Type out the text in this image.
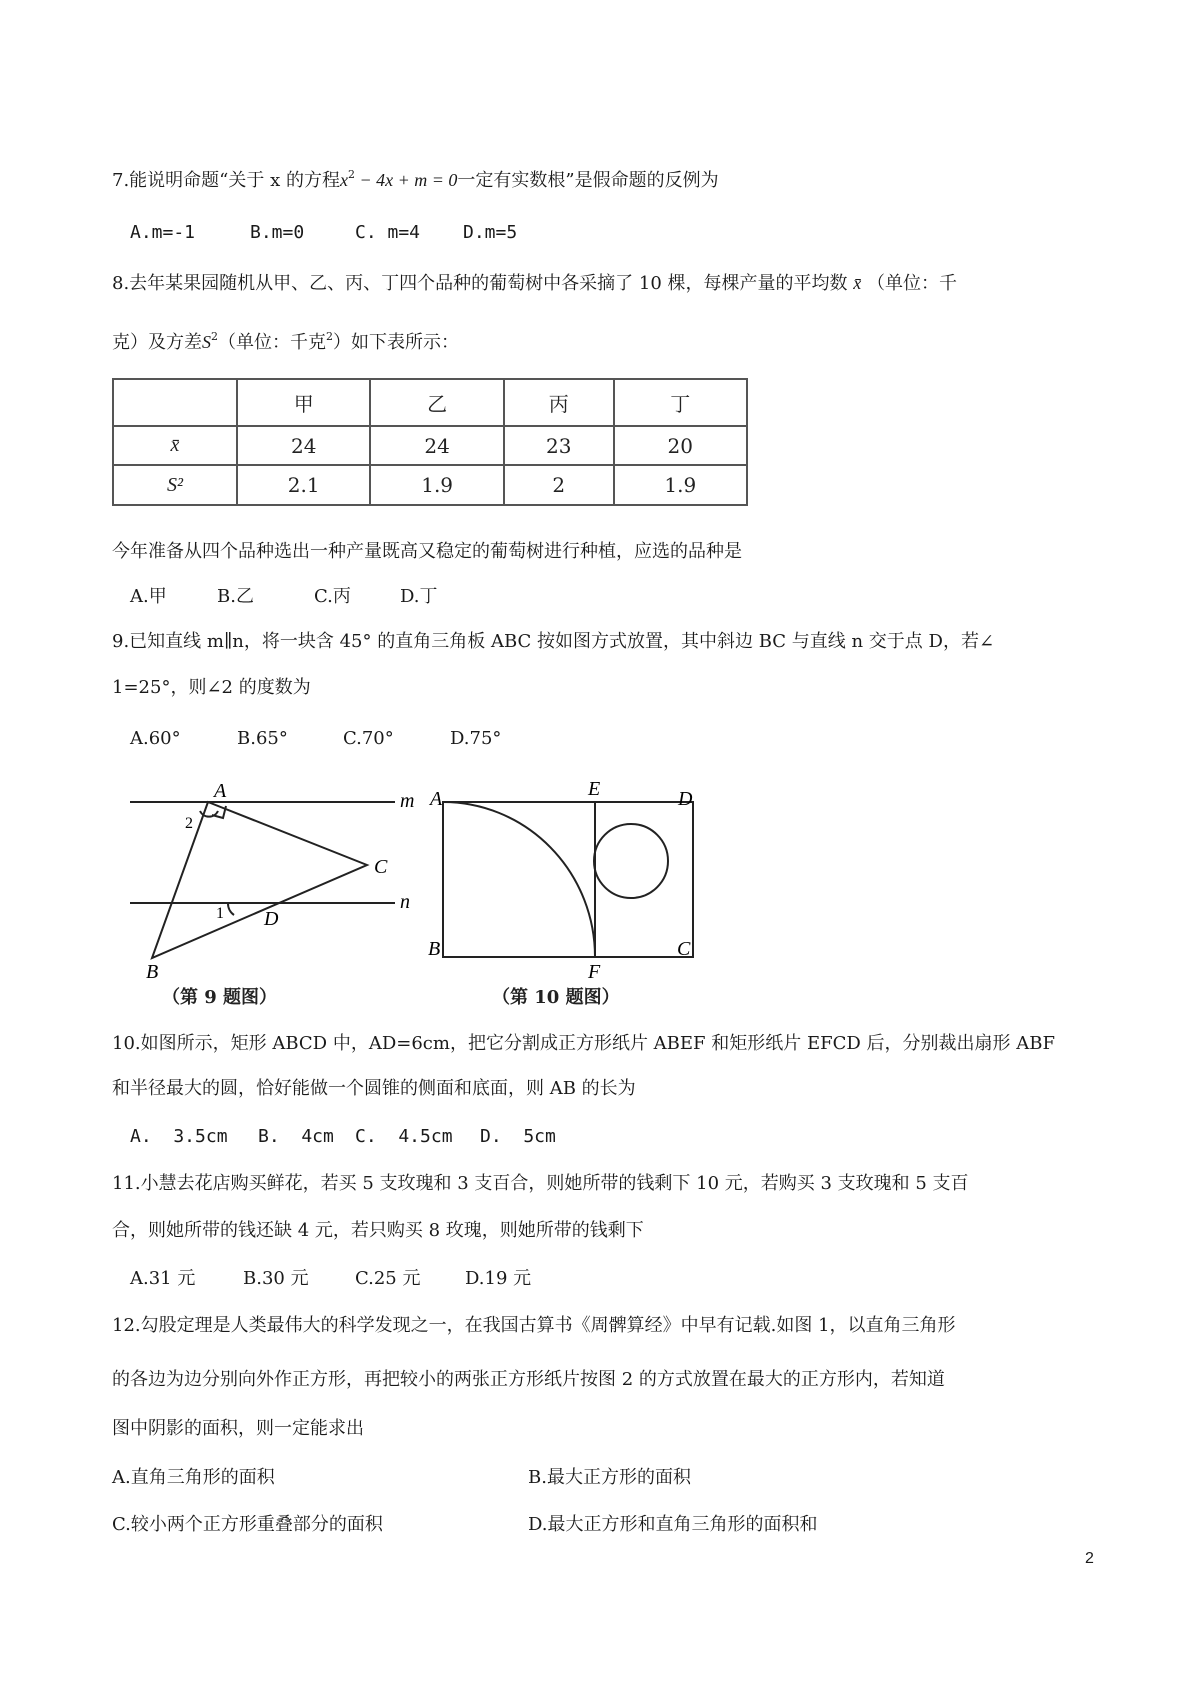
7.能说明命题“关于 x 的方程$x^2 - 4x + m = 0$一定有实数根”是假命题的反例为
A.m=-1	B.m=0	C. m=4 D.m=5
8.去年某果园随机从甲、乙、丙、丁四个品种的葡萄树中各采摘了 10 棵，每棵产量的平均数 x̄ （单位：千
克）及方差$S^2$（单位：千克$^2$）如下表所示：
	甲	乙	丙	丁
x̄	24	24	23	20
S²	2.1	1.9	2	1.9
今年准备从四个品种选出一种产量既高又稳定的葡萄树进行种植，应选的品种是
A.甲	B.乙	C.丙	D.丁
9.已知直线 m∥n，将一块含 45° 的直角三角板 ABC 按如图方式放置，其中斜边 BC 与直线 n 交于点 D，若∠
1=25°，则∠2 的度数为
A.60°	B.65°	C.70°	D.75°
A	m
n
C
D
B
1
2
（第 9 题图）
A	E	D
B
F
C
（第 10 题图）
10.如图所示，矩形 ABCD 中，AD=6cm，把它分割成正方形纸片 ABEF 和矩形纸片 EFCD 后，分别裁出扇形 ABF
和半径最大的圆，恰好能做一个圆锥的侧面和底面，则 AB 的长为
A.  3.5cm B.  4cm C.  4.5cm D.  5cm
11.小慧去花店购买鲜花，若买 5 支玫瑰和 3 支百合，则她所带的钱剩下 10 元，若购买 3 支玫瑰和 5 支百
合，则她所带的钱还缺 4 元，若只购买 8 玫瑰，则她所带的钱剩下
A.31 元	B.30 元	C.25 元 D.19 元
12.勾股定理是人类最伟大的科学发现之一，在我国古算书《周髀算经》中早有记载.如图 1，以直角三角形
的各边为边分别向外作正方形，再把较小的两张正方形纸片按图 2 的方式放置在最大的正方形内，若知道
图中阴影的面积，则一定能求出
A.直角三角形的面积	B.最大正方形的面积
C.较小两个正方形重叠部分的面积	D.最大正方形和直角三角形的面积和
2
